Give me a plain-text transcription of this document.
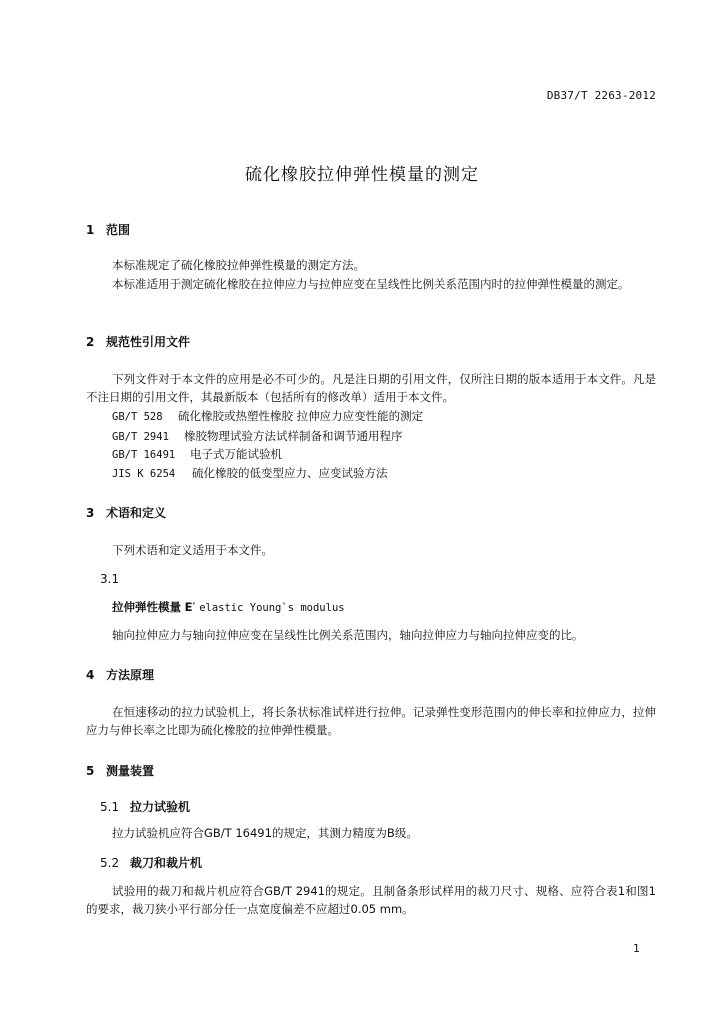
DB37/T 2263-2012
硫化橡胶拉伸弹性模量的测定
1 范围
本标准规定了硫化橡胶拉伸弹性模量的测定方法。
本标准适用于测定硫化橡胶在拉伸应力与拉伸应变在呈线性比例关系范围内时的拉伸弹性模量的测定。
2 规范性引用文件
下列文件对于本文件的应用是必不可少的。凡是注日期的引用文件，仅所注日期的版本适用于本文件。凡是不注日期的引用文件，其最新版本（包括所有的修改单）适用于本文件。
GB/T 528 硫化橡胶或热塑性橡胶 拉伸应力应变性能的测定
GB/T 2941 橡胶物理试验方法试样制备和调节通用程序
GB/T 16491 电子式万能试验机
JIS K 6254 硫化橡胶的低变型应力、应变试验方法
3 术语和定义
下列术语和定义适用于本文件。
3.1
拉伸弹性模量 E′ elastic Young`s modulus
轴向拉伸应力与轴向拉伸应变在呈线性比例关系范围内，轴向拉伸应力与轴向拉伸应变的比。
4 方法原理
在恒速移动的拉力试验机上，将长条状标准试样进行拉伸。记录弹性变形范围内的伸长率和拉伸应力，拉伸应力与伸长率之比即为硫化橡胶的拉伸弹性模量。
5 测量装置
5.1 拉力试验机
拉力试验机应符合GB/T 16491的规定，其测力精度为B级。
5.2 裁刀和裁片机
试验用的裁刀和裁片机应符合GB/T 2941的规定。且制备条形试样用的裁刀尺寸、规格、应符合表1和图1的要求，裁刀狭小平行部分任一点宽度偏差不应超过0.05 mm。
1
